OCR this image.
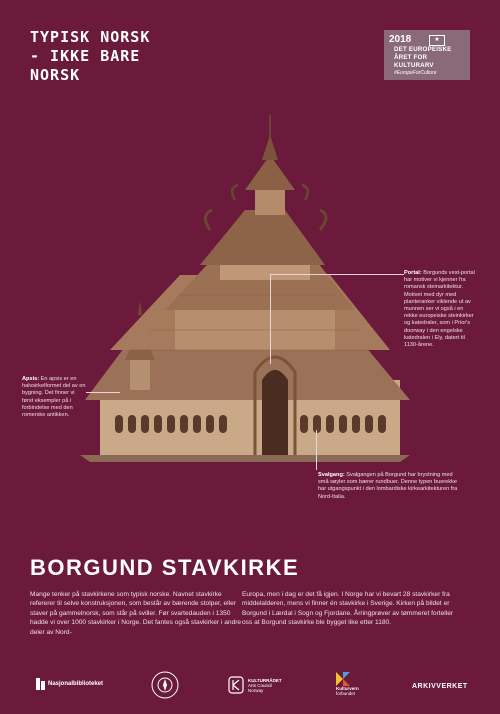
TYPISK NORSK
- IKKE BARE
NORSK
2018	★
DET EUROPEISKE
ÅRET FOR
KULTURARV
#EuropeForCulture
Apsis: En apsis er en halvsirkelformet del av en bygning. Det finner vi først eksempler på i forbindelse med den romerske antikken.
Portal: Borgunds vest-portal har motiver vi kjenner fra romansk steinarkitektur. Motivet med dyr med planteranker viklende ut av munnen ser vi også i en rekke europeiske steinkirker og katedraler, som i Prior's doorway i den engelske katedralen i Ely, datert til 1130-årene.
Svalgang: Svalgangen på Borgund har brystning med små søyler som bærer rundbuer. Denne typen buerekke har utgangspunkt i den lombardiske kirkearkitekturen fra Nord-Italia.
BORGUND STAVKIRKE
Mange tenker på stavkirkene som typisk norske. Navnet stavkirke refererer til selve konstruksjonen, som består av bærende stolper, eller staver på gammelnorsk, som står på sviller. Før svartedauden i 1350 hadde vi over 1000 stavkirker i Norge. Det fantes også stavkirker i andre deler av Nord-
Europa, men i dag er det få igjen. I Norge har vi bevart 28 stavkirker fra middelalderen, mens vi finner én stavkirke i Sverige. Kirken på bildet er Borgund i Lærdal i Sogn og Fjordane. Årringprøver av tømmeret forteller oss at Borgund stavkirke ble bygget like etter 1180.
Nasjonalbiblioteket
KULTURRÅDET
Arts Council
Norway	Kulturvern
forbundet
ARKIVVERKET
